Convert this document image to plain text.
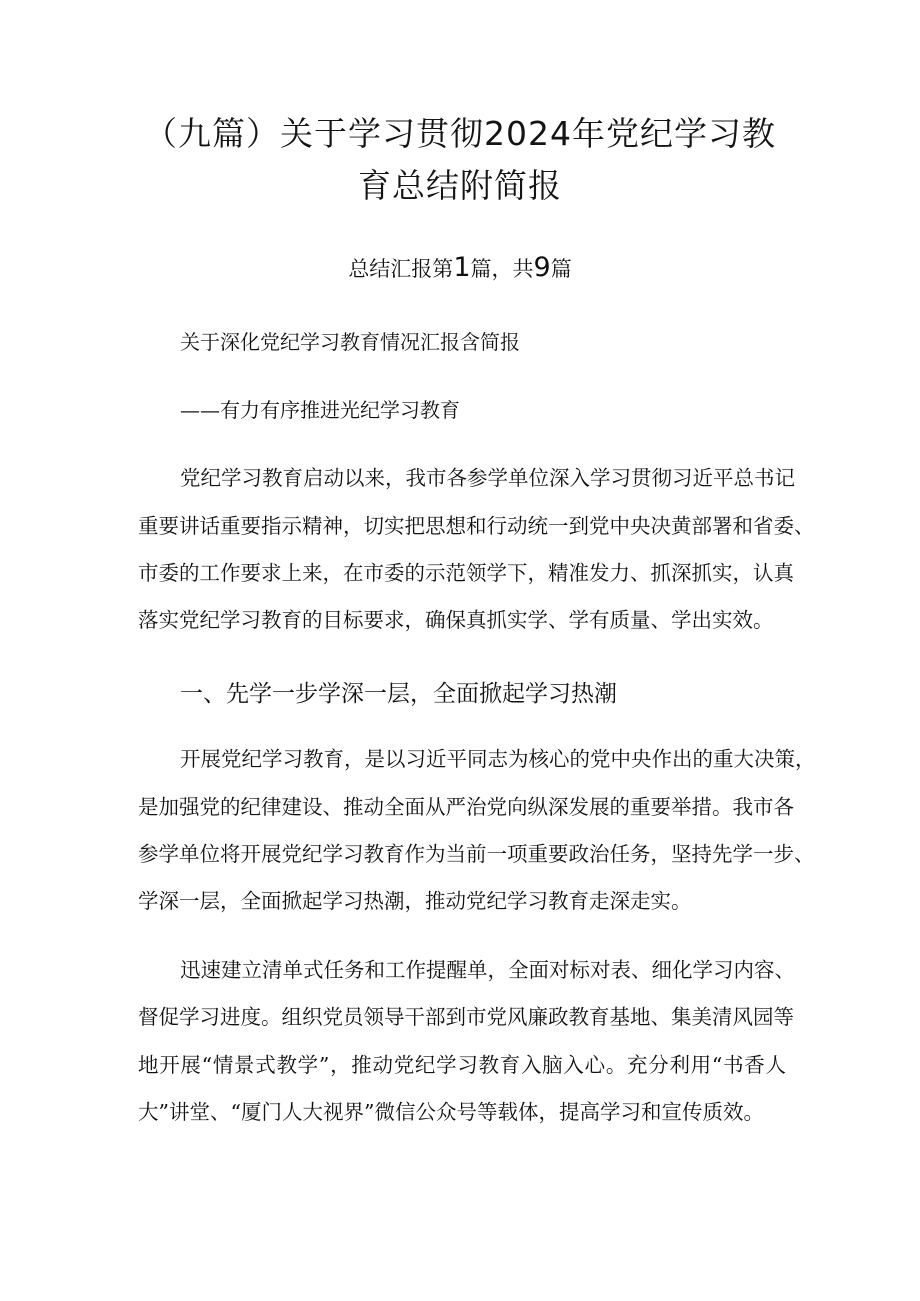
（九篇）关于学习贯彻2024年党纪学习教
育总结附简报
总结汇报第1篇，共9篇
关于深化党纪学习教育情况汇报含简报
——有力有序推进光纪学习教育
党纪学习教育启动以来，我市各参学单位深入学习贯彻习近平总书记
重要讲话重要指示精神，切实把思想和行动统一到党中央决黄部署和省委、
市委的工作要求上来，在市委的示范领学下，精准发力、抓深抓实，认真
落实党纪学习教育的目标要求，确保真抓实学、学有质量、学出实效。
一、先学一步学深一层，全面掀起学习热潮
开展党纪学习教育，是以习近平同志为核心的党中央作出的重大决策，
是加强党的纪律建设、推动全面从严治党向纵深发展的重要举措。我市各
参学单位将开展党纪学习教育作为当前一项重要政治任务，坚持先学一步、
学深一层，全面掀起学习热潮，推动党纪学习教育走深走实。
迅速建立清单式任务和工作提醒单，全面对标对表、细化学习内容、
督促学习进度。组织党员领导干部到市党风廉政教育基地、集美清风园等
地开展“情景式教学”，推动党纪学习教育入脑入心。充分利用“书香人
大”讲堂、“厦门人大视界”微信公众号等载体，提高学习和宣传质效。
